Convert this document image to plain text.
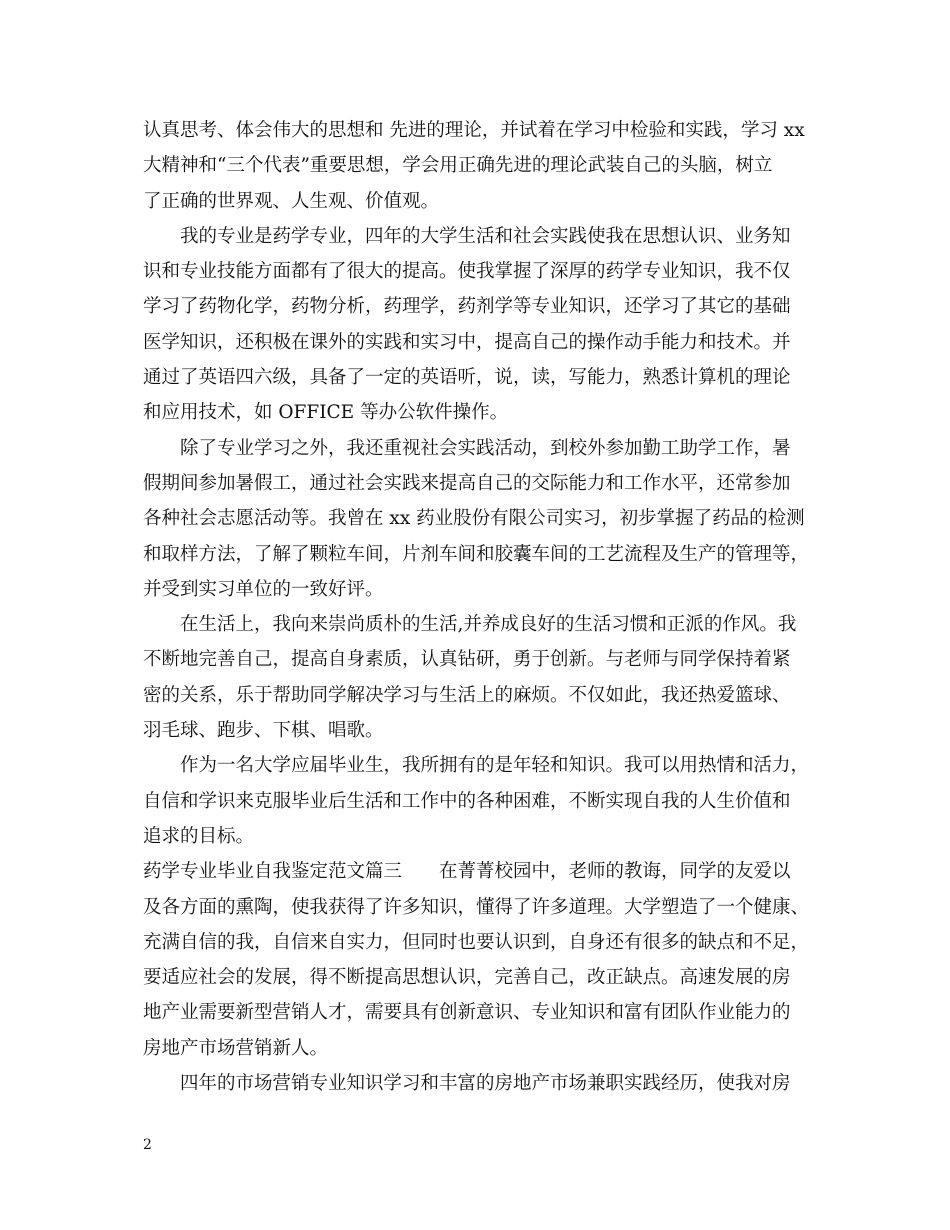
认真思考、体会伟大的思想和 先进的理论，并试着在学习中检验和实践，学习 xx
大精神和“三个代表”重要思想，学会用正确先进的理论武装自己的头脑，树立
了正确的世界观、人生观、价值观。
我的专业是药学专业，四年的大学生活和社会实践使我在思想认识、业务知
识和专业技能方面都有了很大的提高。使我掌握了深厚的药学专业知识，我不仅
学习了药物化学，药物分析，药理学，药剂学等专业知识，还学习了其它的基础
医学知识，还积极在课外的实践和实习中，提高自己的操作动手能力和技术。并
通过了英语四六级，具备了一定的英语听，说，读，写能力，熟悉计算机的理论
和应用技术，如 OFFICE 等办公软件操作。
除了专业学习之外，我还重视社会实践活动，到校外参加勤工助学工作，暑
假期间参加暑假工，通过社会实践来提高自己的交际能力和工作水平，还常参加
各种社会志愿活动等。我曾在 xx 药业股份有限公司实习，初步掌握了药品的检测
和取样方法，了解了颗粒车间，片剂车间和胶囊车间的工艺流程及生产的管理等，
并受到实习单位的一致好评。
在生活上，我向来崇尚质朴的生活,并养成良好的生活习惯和正派的作风。我
不断地完善自己，提高自身素质，认真钻研，勇于创新。与老师与同学保持着紧
密的关系，乐于帮助同学解决学习与生活上的麻烦。不仅如此，我还热爱篮球、
羽毛球、跑步、下棋、唱歌。
作为一名大学应届毕业生，我所拥有的是年轻和知识。我可以用热情和活力，
自信和学识来克服毕业后生活和工作中的各种困难，不断实现自我的人生价值和
追求的目标。
药学专业毕业自我鉴定范文篇三　　在菁菁校园中，老师的教诲，同学的友爱以
及各方面的熏陶，使我获得了许多知识，懂得了许多道理。大学塑造了一个健康、
充满自信的我，自信来自实力，但同时也要认识到，自身还有很多的缺点和不足，
要适应社会的发展，得不断提高思想认识，完善自己，改正缺点。高速发展的房
地产业需要新型营销人才，需要具有创新意识、专业知识和富有团队作业能力的
房地产市场营销新人。
四年的市场营销专业知识学习和丰富的房地产市场兼职实践经历，使我对房
2
